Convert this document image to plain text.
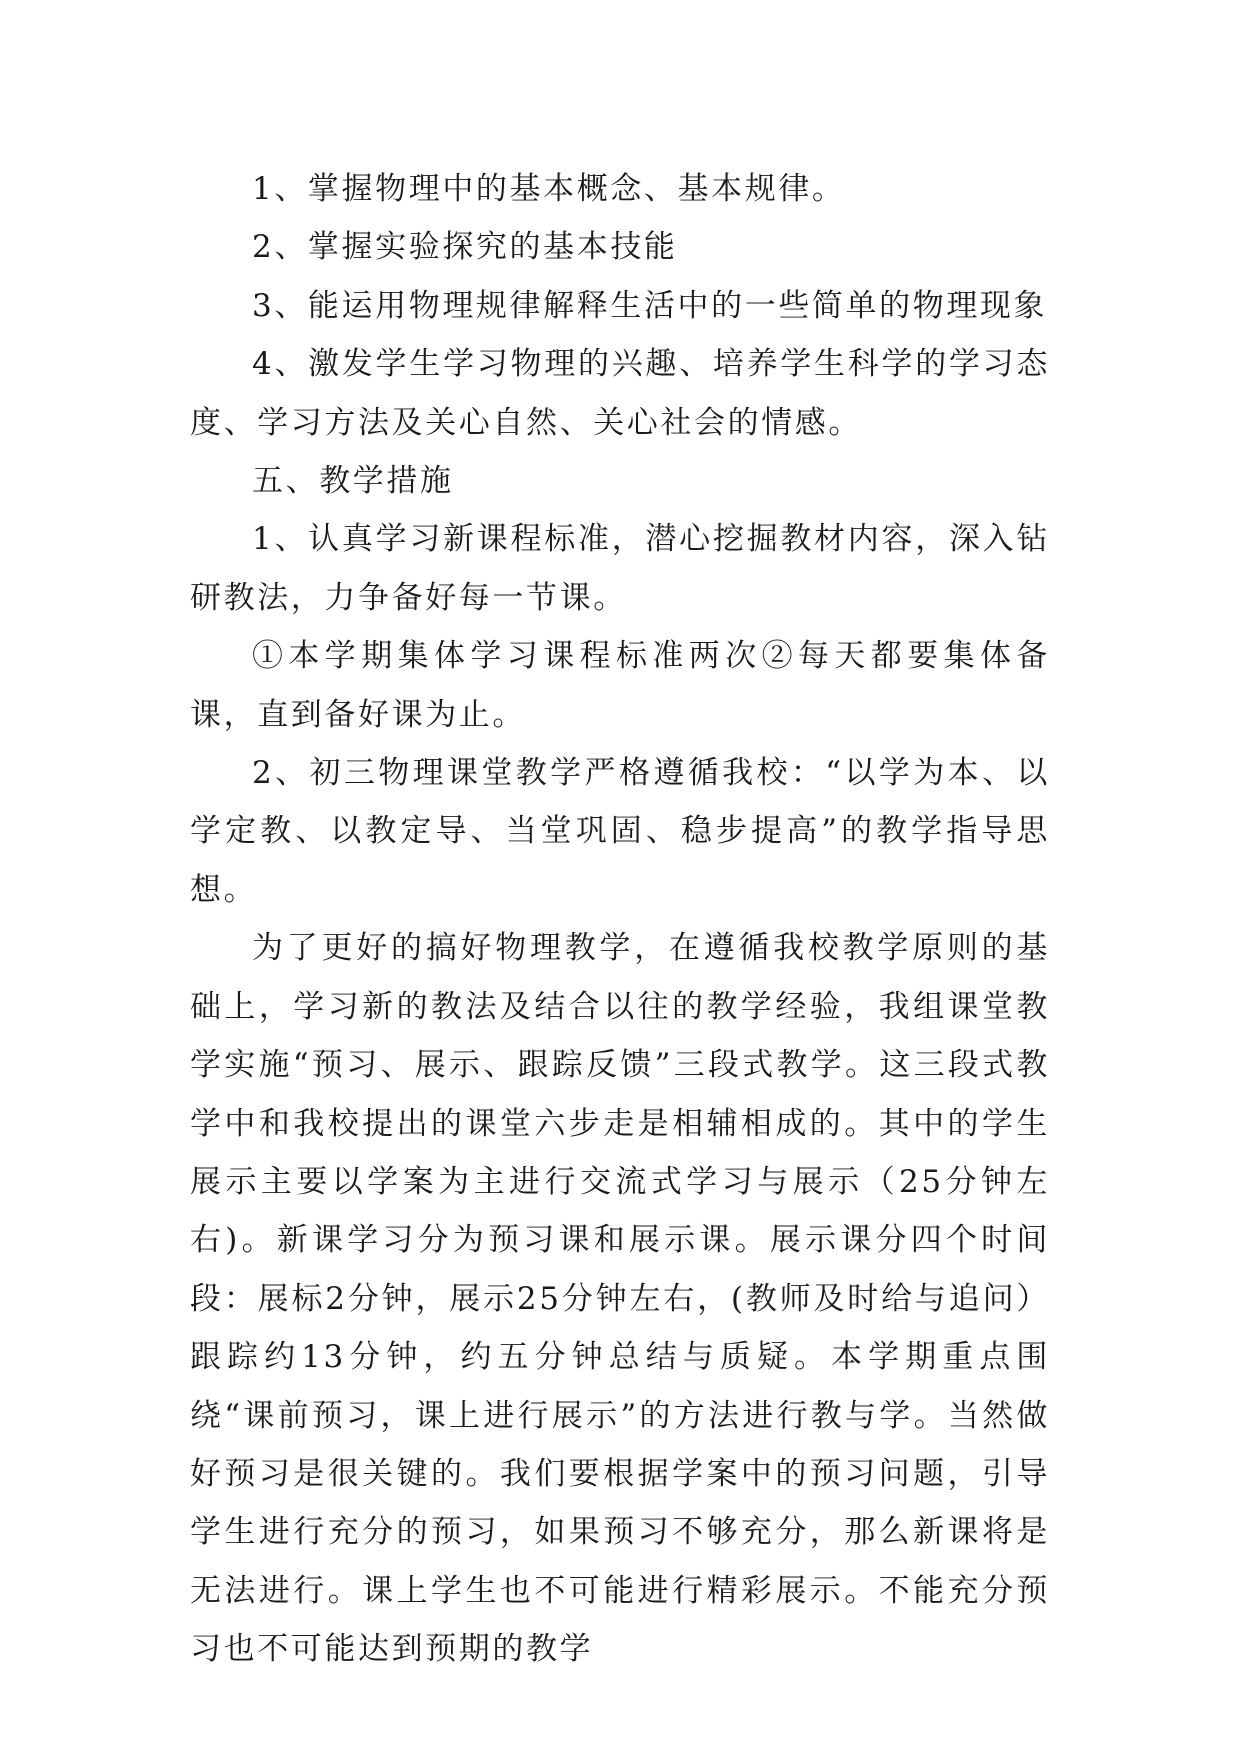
1、掌握物理中的基本概念、基本规律。

2、掌握实验探究的基本技能

3、能运用物理规律解释生活中的一些简单的物理现象

4、激发学生学习物理的兴趣、培养学生科学的学习态度、学习方法及关心自然、关心社会的情感。

五、教学措施

1、认真学习新课程标准，潜心挖掘教材内容，深入钻研教法，力争备好每一节课。

①本学期集体学习课程标准两次②每天都要集体备课，直到备好课为止。

2、初三物理课堂教学严格遵循我校：“以学为本、以学定教、以教定导、当堂巩固、稳步提高”的教学指导思想。

为了更好的搞好物理教学，在遵循我校教学原则的基础上，学习新的教法及结合以往的教学经验，我组课堂教学实施“预习、展示、跟踪反馈”三段式教学。这三段式教学中和我校提出的课堂六步走是相辅相成的。其中的学生展示主要以学案为主进行交流式学习与展示（25分钟左右)。新课学习分为预习课和展示课。展示课分四个时间段：展标2分钟，展示25分钟左右，(教师及时给与追问）跟踪约13分钟，约五分钟总结与质疑。本学期重点围绕“课前预习，课上进行展示”的方法进行教与学。当然做好预习是很关键的。我们要根据学案中的预习问题，引导学生进行充分的预习，如果预习不够充分，那么新课将是无法进行。课上学生也不可能进行精彩展示。不能充分预习也不可能达到预期的教学
